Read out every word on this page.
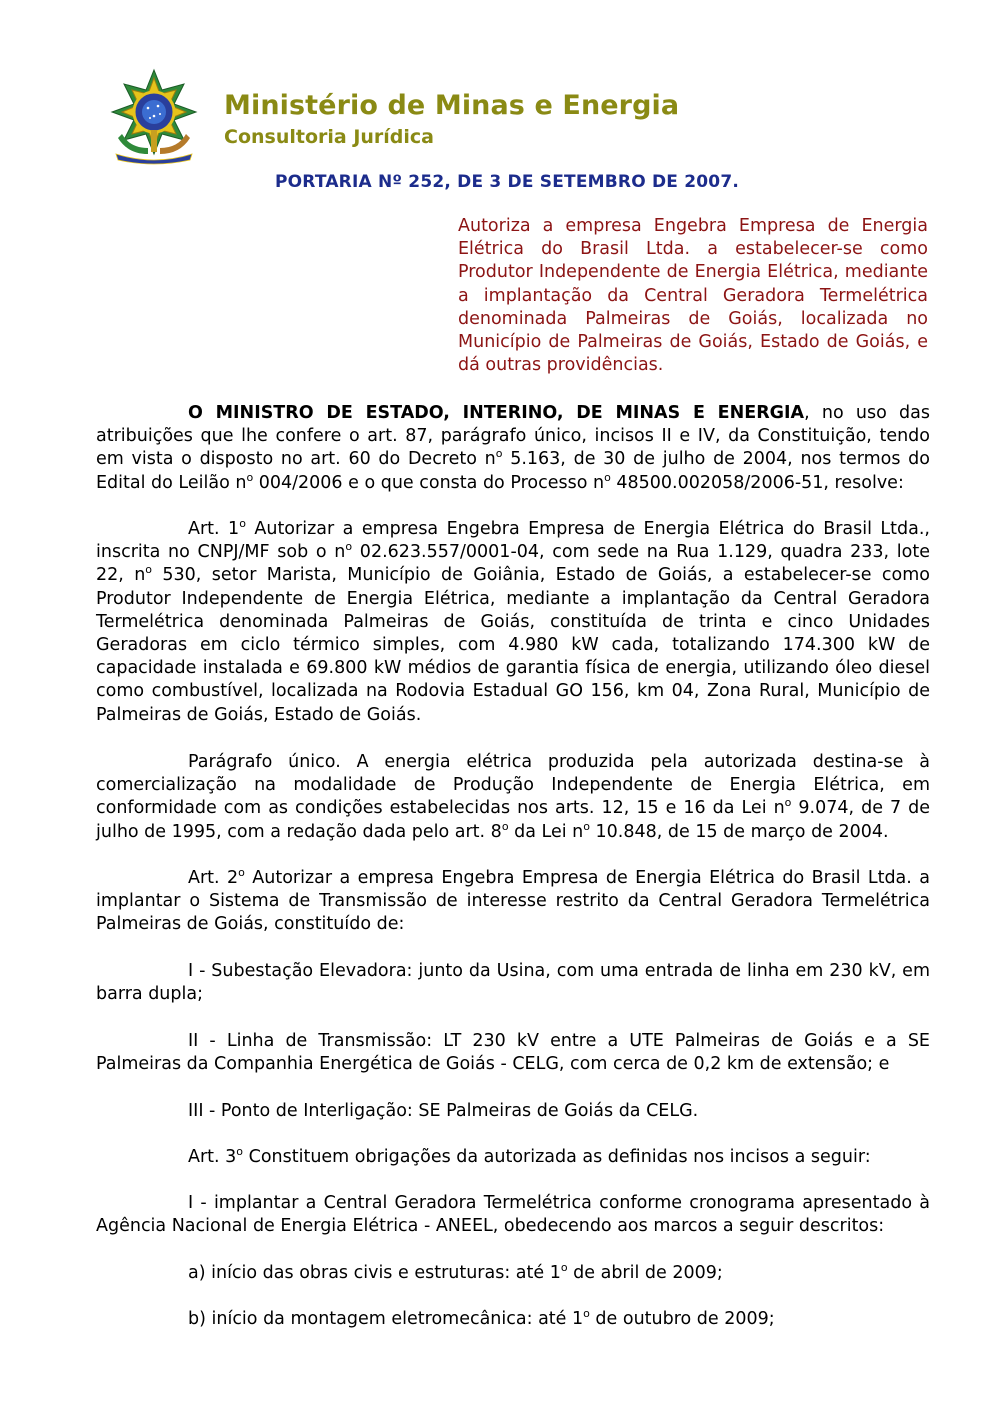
Ministério de Minas e Energia
Consultoria Jurídica
PORTARIA Nº 252, DE 3 DE SETEMBRO DE 2007.
Autoriza a empresa Engebra Empresa de Energia Elétrica do Brasil Ltda. a estabelecer-se como Produtor Independente de Energia Elétrica, mediante a implantação da Central Geradora Termelétrica denominada Palmeiras de Goiás, localizada no Município de Palmeiras de Goiás, Estado de Goiás, e dá outras providências.
O MINISTRO DE ESTADO, INTERINO, DE MINAS E ENERGIA, no uso das atribuições que lhe confere o art. 87, parágrafo único, incisos II e IV, da Constituição, tendo em vista o disposto no art. 60 do Decreto $n^o$ 5.163, de 30 de julho de 2004, nos termos do Edital do Leilão $n^o$ 004/2006 e o que consta do Processo $n^o$ 48500.002058/2006-51, resolve:
Art. 1$^o$ Autorizar a empresa Engebra Empresa de Energia Elétrica do Brasil Ltda., inscrita no CNPJ/MF sob o $n^o$ 02.623.557/0001-04, com sede na Rua 1.129, quadra 233, lote 22, $n^o$ 530, setor Marista, Município de Goiânia, Estado de Goiás, a estabelecer-se como Produtor Independente de Energia Elétrica, mediante a implantação da Central Geradora Termelétrica denominada Palmeiras de Goiás, constituída de trinta e cinco Unidades Geradoras em ciclo térmico simples, com 4.980 kW cada, totalizando 174.300 kW de capacidade instalada e 69.800 kW médios de garantia física de energia, utilizando óleo diesel como combustível, localizada na Rodovia Estadual GO 156, km 04, Zona Rural, Município de Palmeiras de Goiás, Estado de Goiás.
Parágrafo único. A energia elétrica produzida pela autorizada destina-se à comercialização na modalidade de Produção Independente de Energia Elétrica, em conformidade com as condições estabelecidas nos arts. 12, 15 e 16 da Lei $n^o$ 9.074, de 7 de julho de 1995, com a redação dada pelo art. 8$^o$ da Lei $n^o$ 10.848, de 15 de março de 2004.
Art. 2$^o$ Autorizar a empresa Engebra Empresa de Energia Elétrica do Brasil Ltda. a implantar o Sistema de Transmissão de interesse restrito da Central Geradora Termelétrica Palmeiras de Goiás, constituído de:
I - Subestação Elevadora: junto da Usina, com uma entrada de linha em 230 kV, em barra dupla;
II - Linha de Transmissão: LT 230 kV entre a UTE Palmeiras de Goiás e a SE Palmeiras da Companhia Energética de Goiás - CELG, com cerca de 0,2 km de extensão; e
III - Ponto de Interligação: SE Palmeiras de Goiás da CELG.
Art. 3$^o$ Constituem obrigações da autorizada as definidas nos incisos a seguir:
I - implantar a Central Geradora Termelétrica conforme cronograma apresentado à Agência Nacional de Energia Elétrica - ANEEL, obedecendo aos marcos a seguir descritos:
a) início das obras civis e estruturas: até 1$^o$ de abril de 2009;
b) início da montagem eletromecânica: até 1$^o$ de outubro de 2009;
